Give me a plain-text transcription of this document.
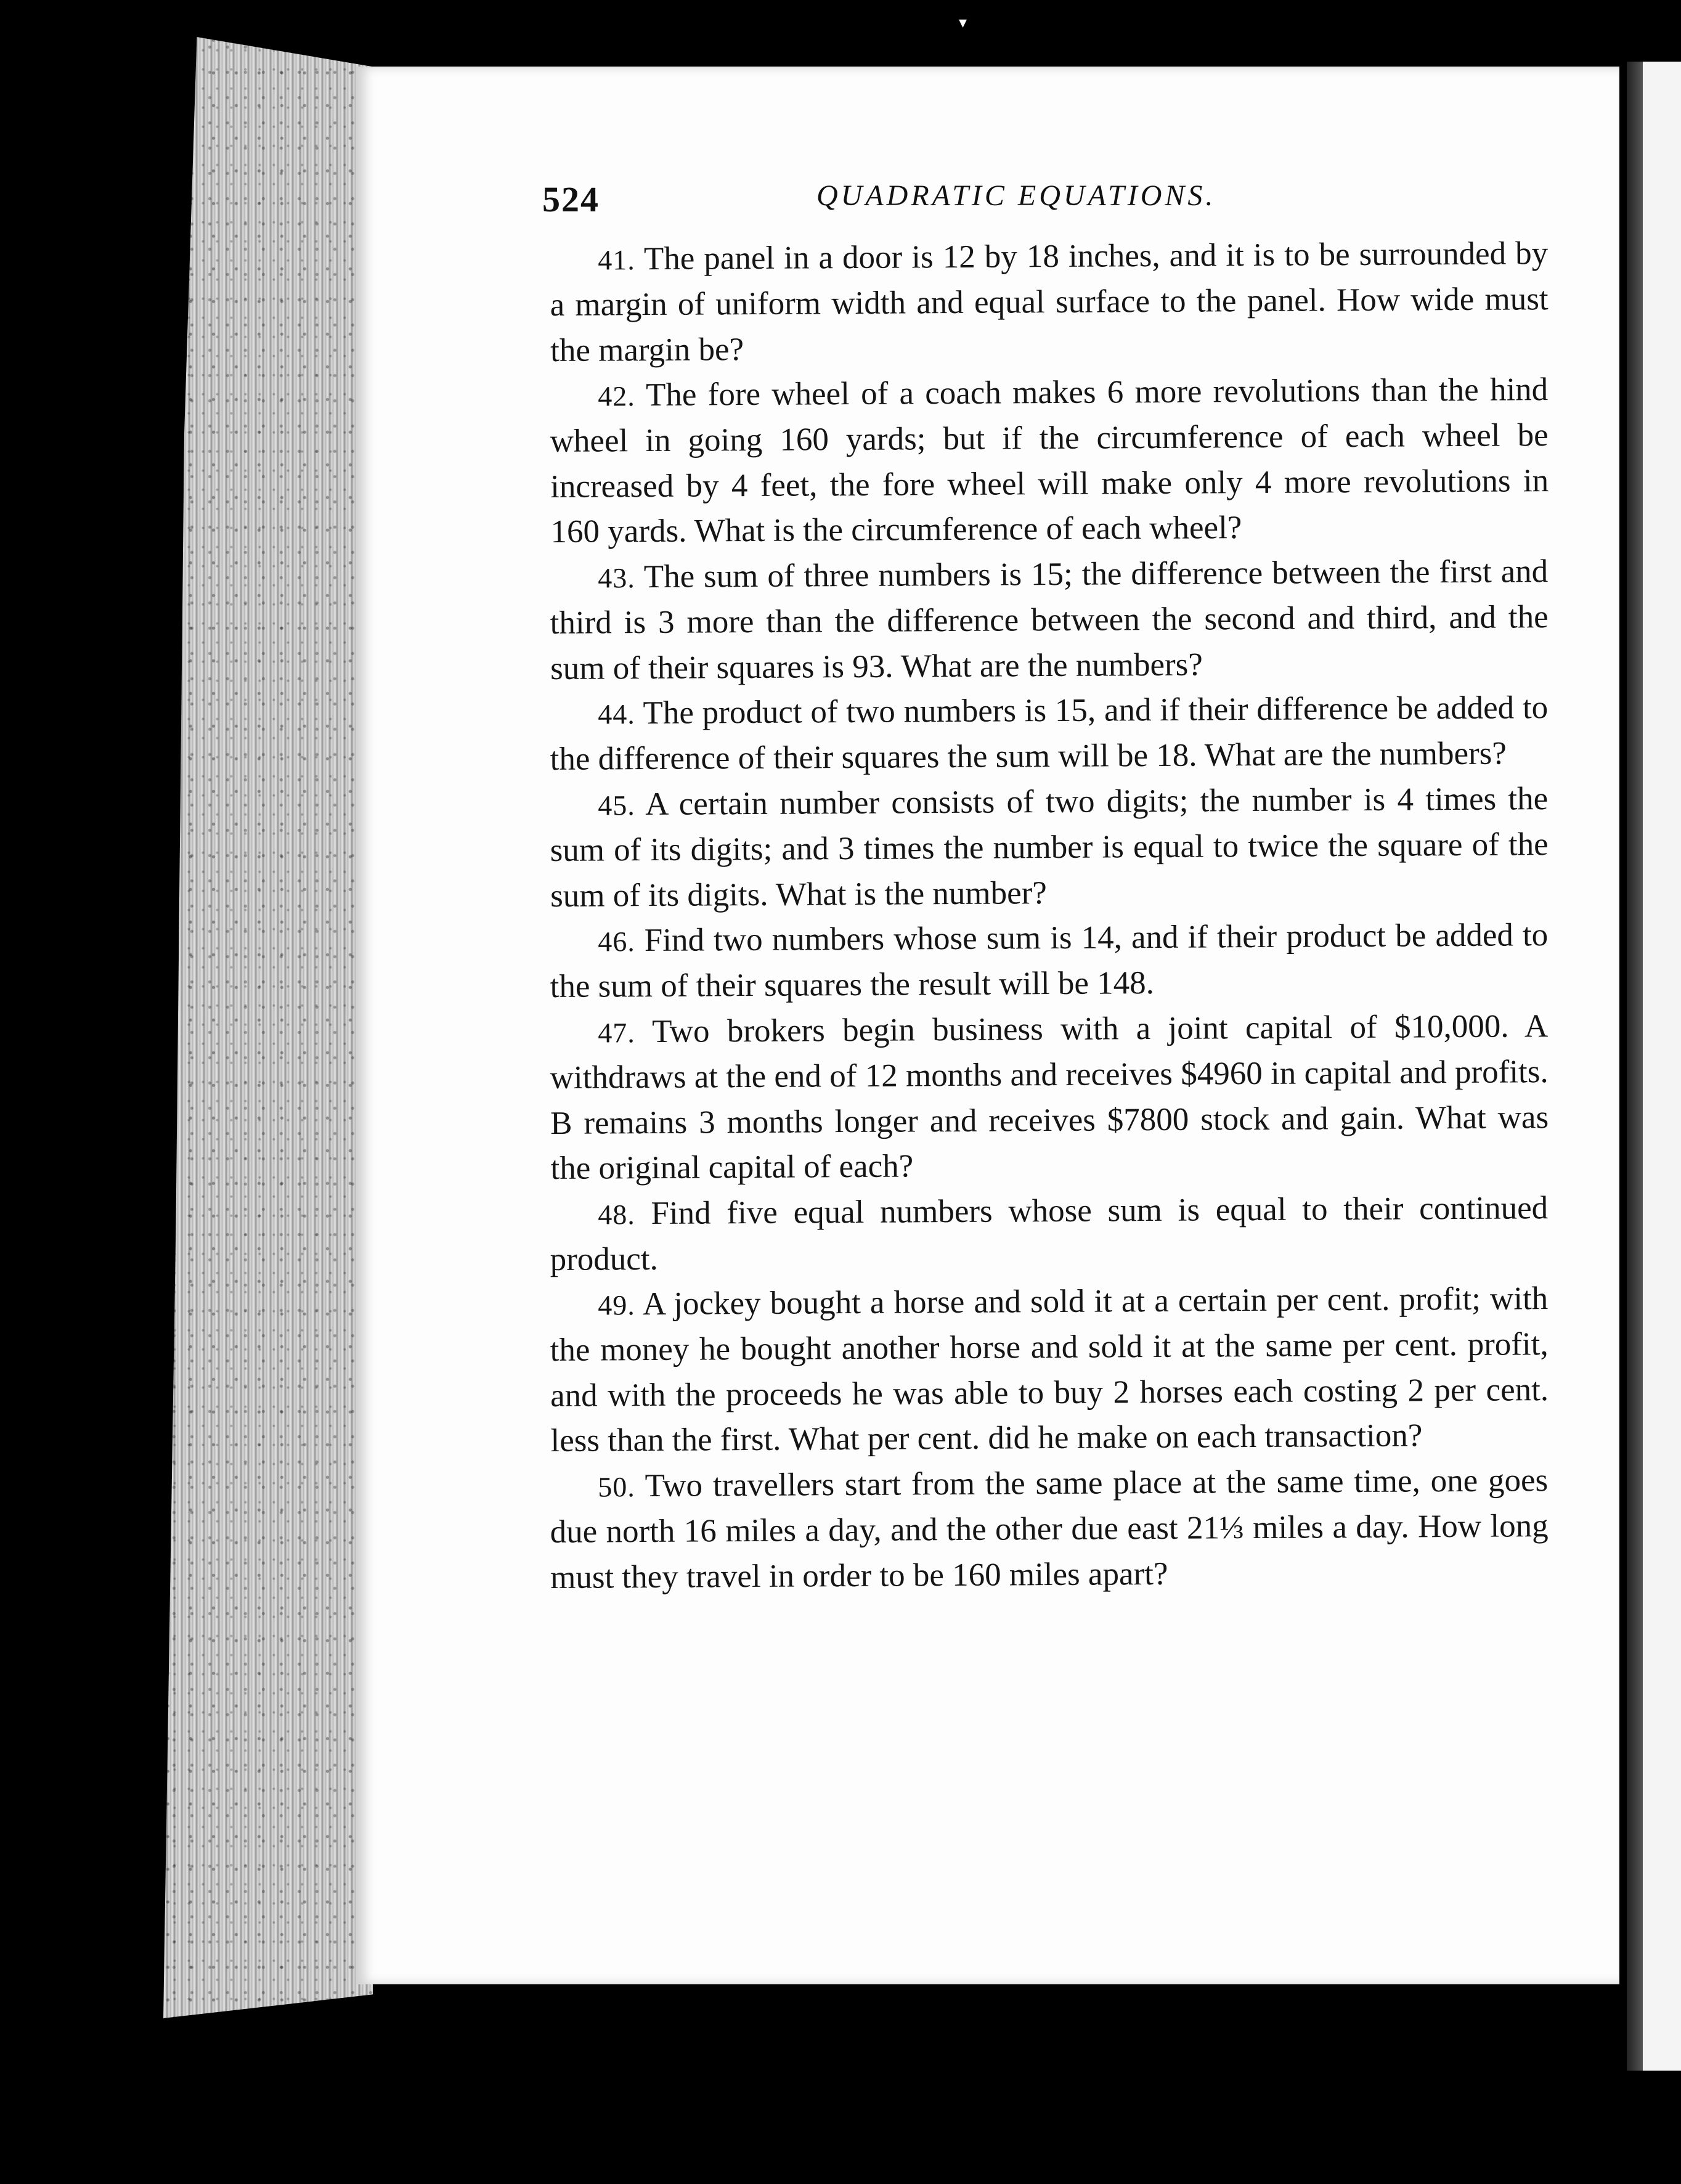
▾
524	QUADRATIC EQUATIONS.

41. The panel in a door is 12 by 18 inches, and it is to be surrounded by a margin of uniform width and equal surface to the panel. How wide must the margin be?

42. The fore wheel of a coach makes 6 more revolutions than the hind wheel in going 160 yards; but if the circumference of each wheel be increased by 4 feet, the fore wheel will make only 4 more revolutions in 160 yards. What is the circumference of each wheel?

43. The sum of three numbers is 15; the difference between the first and third is 3 more than the difference between the second and third, and the sum of their squares is 93. What are the numbers?

44. The product of two numbers is 15, and if their difference be added to the difference of their squares the sum will be 18. What are the numbers?

45. A certain number consists of two digits; the number is 4 times the sum of its digits; and 3 times the number is equal to twice the square of the sum of its digits. What is the number?

46. Find two numbers whose sum is 14, and if their product be added to the sum of their squares the result will be 148.

47. Two brokers begin business with a joint capital of $10,000. A withdraws at the end of 12 months and receives $4960 in capital and profits. B remains 3 months longer and receives $7800 stock and gain. What was the original capital of each?

48. Find five equal numbers whose sum is equal to their continued product.

49. A jockey bought a horse and sold it at a certain per cent. profit; with the money he bought another horse and sold it at the same per cent. profit, and with the proceeds he was able to buy 2 horses each costing 2 per cent. less than the first. What per cent. did he make on each transaction?

50. Two travellers start from the same place at the same time, one goes due north 16 miles a day, and the other due east 21⅓ miles a day. How long must they travel in order to be 160 miles apart?
